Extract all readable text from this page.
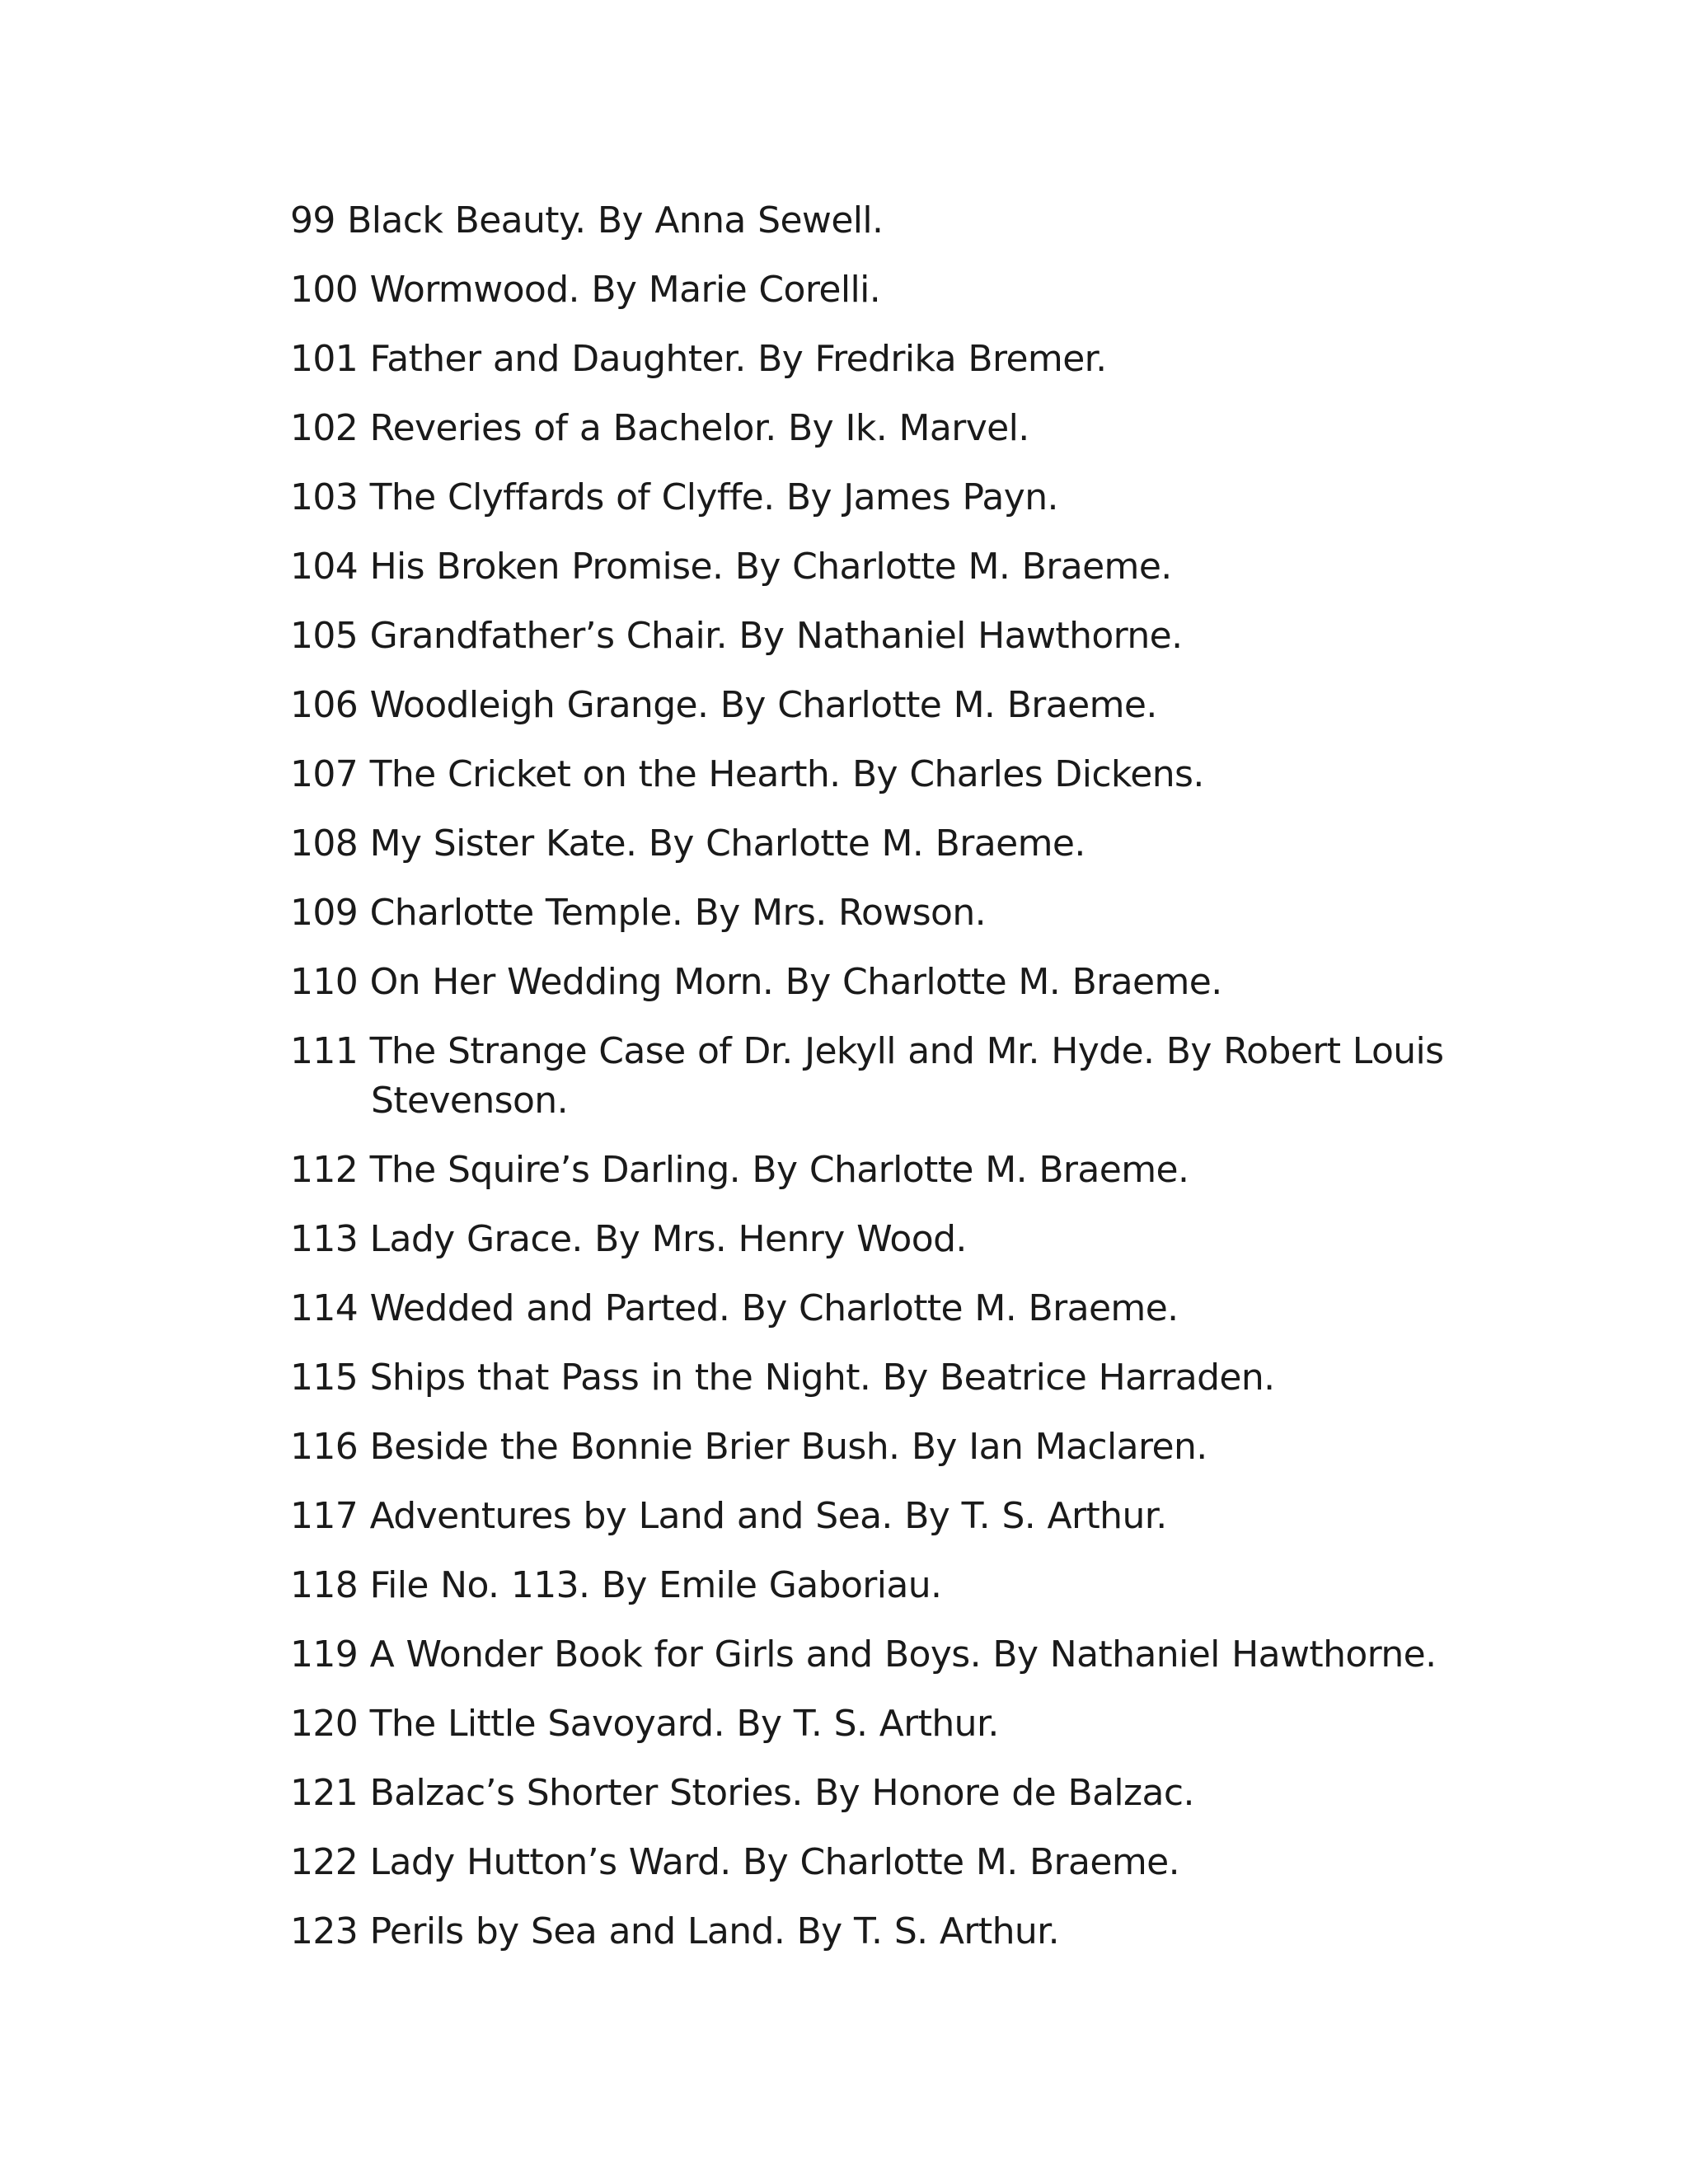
99 Black Beauty. By Anna Sewell.
100 Wormwood. By Marie Corelli.
101 Father and Daughter. By Fredrika Bremer.
102 Reveries of a Bachelor. By Ik. Marvel.
103 The Clyffards of Clyffe. By James Payn.
104 His Broken Promise. By Charlotte M. Braeme.
105 Grandfather’s Chair. By Nathaniel Hawthorne.
106 Woodleigh Grange. By Charlotte M. Braeme.
107 The Cricket on the Hearth. By Charles Dickens.
108 My Sister Kate. By Charlotte M. Braeme.
109 Charlotte Temple. By Mrs. Rowson.
110 On Her Wedding Morn. By Charlotte M. Braeme.
111 The Strange Case of Dr. Jekyll and Mr. Hyde. By Robert Louis Stevenson.
112 The Squire’s Darling. By Charlotte M. Braeme.
113 Lady Grace. By Mrs. Henry Wood.
114 Wedded and Parted. By Charlotte M. Braeme.
115 Ships that Pass in the Night. By Beatrice Harraden.
116 Beside the Bonnie Brier Bush. By Ian Maclaren.
117 Adventures by Land and Sea. By T. S. Arthur.
118 File No. 113. By Emile Gaboriau.
119 A Wonder Book for Girls and Boys. By Nathaniel Hawthorne.
120 The Little Savoyard. By T. S. Arthur.
121 Balzac’s Shorter Stories. By Honore de Balzac.
122 Lady Hutton’s Ward. By Charlotte M. Braeme.
123 Perils by Sea and Land. By T. S. Arthur.
